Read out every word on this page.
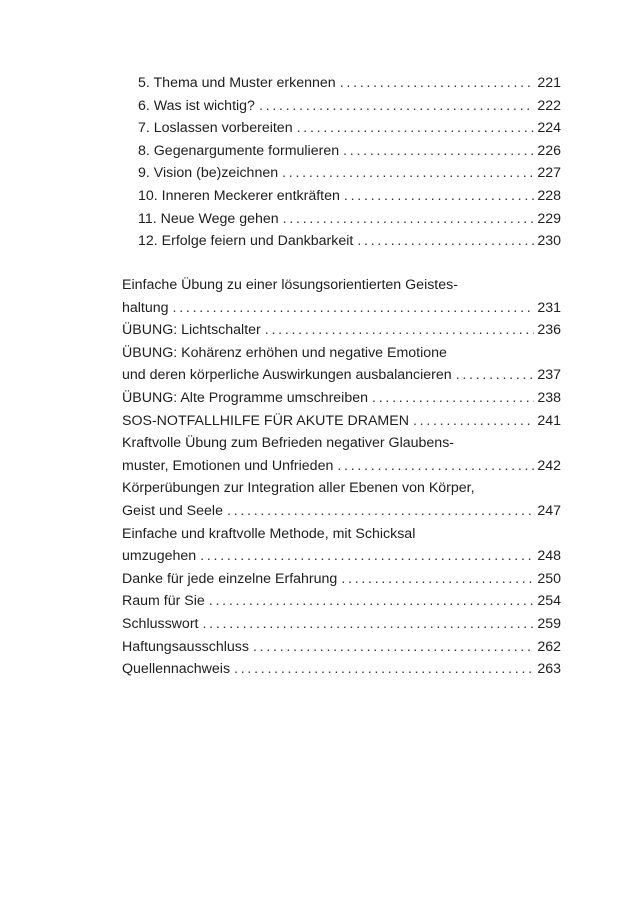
5. Thema und Muster erkennen . . .	221
6. Was ist wichtig? . . .	222
7. Loslassen vorbereiten . . .	224
8. Gegenargumente formulieren . . .	226
9. Vision (be)zeichnen . . .	227
10. Inneren Meckerer entkräften . . .	228
11. Neue Wege gehen . . .	229
12. Erfolge feiern und Dankbarkeit . . .	230
Einfache Übung zu einer lösungsorientierten Geistes-
haltung . . .	231
ÜBUNG: Lichtschalter . . .	236
ÜBUNG: Kohärenz erhöhen und negative Emotione
und deren körperliche Auswirkungen ausbalancieren . . .	237
ÜBUNG: Alte Programme umschreiben . . .	238
SOS-NOTFALLHILFE FÜR AKUTE DRAMEN . . .	241
Kraftvolle Übung zum Befrieden negativer Glaubens-
muster, Emotionen und Unfrieden . . .	242
Körperübungen zur Integration aller Ebenen von Körper,
Geist und Seele . . .	247
Einfache und kraftvolle Methode, mit Schicksal
umzugehen . . .	248
Danke für jede einzelne Erfahrung . . .	250
Raum für Sie . . .	254
Schlusswort . . .	259
Haftungsausschluss . . .	262
Quellennachweis . . .	263
